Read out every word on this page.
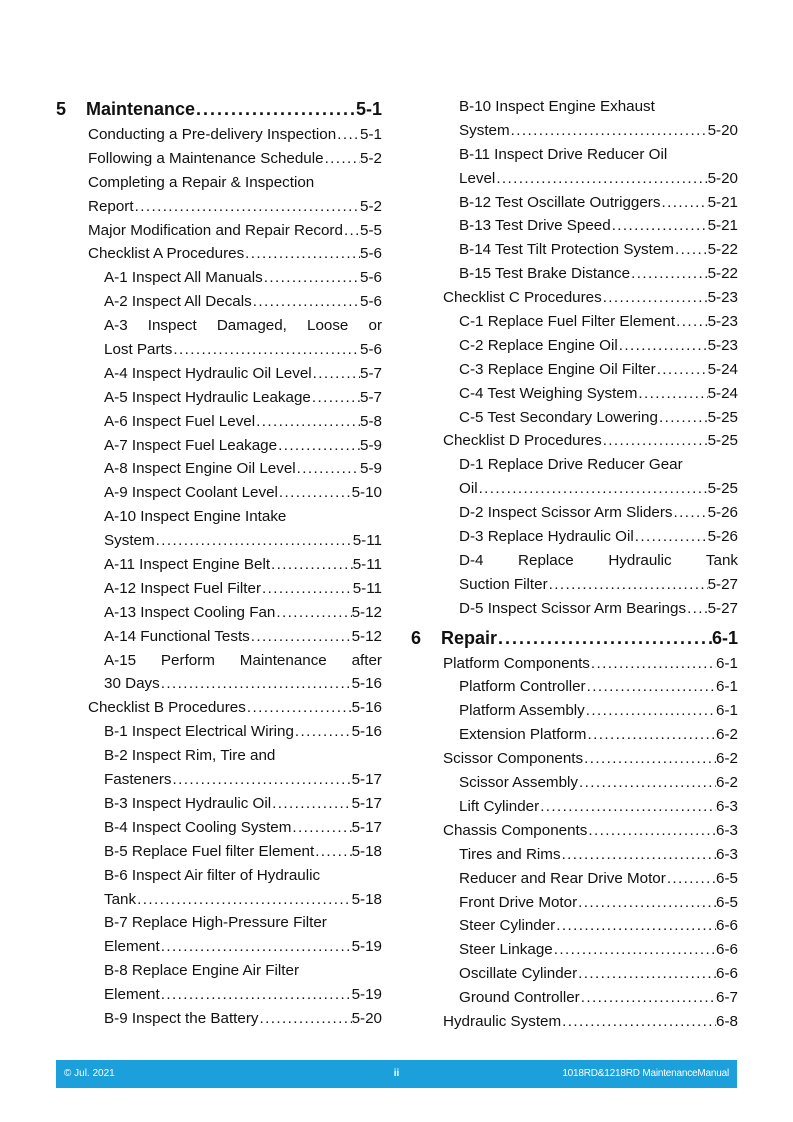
5	Maintenance .....	5-1
Conducting a Pre-delivery Inspection ..... 5-1
Following a Maintenance Schedule ..... 5-2
Completing a Repair & Inspection
Report .....	5-2
Major Modification and Repair Record ..... 5-5
Checklist A Procedures .....	5-6
A-1 Inspect All Manuals .....	5-6
A-2 Inspect All Decals .....	5-6
A-3 Inspect Damaged, Loose or
Lost Parts .....	5-6
A-4 Inspect Hydraulic Oil Level .....	5-7
A-5 Inspect Hydraulic Leakage .....	5-7
A-6 Inspect Fuel Level .....	5-8
A-7 Inspect Fuel Leakage .....	5-9
A-8 Inspect Engine Oil Level .....	5-9
A-9 Inspect Coolant Level .....	5-10
A-10 Inspect Engine Intake
System .....	5-11
A-11 Inspect Engine Belt .....	5-11
A-12 Inspect Fuel Filter .....	5-11
A-13 Inspect Cooling Fan .....	5-12
A-14 Functional Tests .....	5-12
A-15 Perform Maintenance after
30 Days .....	5-16
Checklist B Procedures .....	5-16
B-1 Inspect Electrical Wiring .....	5-16
B-2 Inspect Rim, Tire and
Fasteners .....	5-17
B-3 Inspect Hydraulic Oil .....	5-17
B-4 Inspect Cooling System .....	5-17
B-5 Replace Fuel filter Element ..... 5-18
B-6 Inspect Air filter of Hydraulic
Tank .....	5-18
B-7 Replace High-Pressure Filter
Element .....	5-19
B-8 Replace Engine Air Filter
Element .....	5-19
B-9 Inspect the Battery .....	5-20
B-10 Inspect Engine Exhaust
System .....	5-20
B-11 Inspect Drive Reducer Oil
Level .....	5-20
B-12 Test Oscillate Outriggers .....	5-21
B-13 Test Drive Speed .....	5-21
B-14 Test Tilt Protection System ..... 5-22
B-15 Test Brake Distance .....	5-22
Checklist C Procedures .....	5-23
C-1 Replace Fuel Filter Element ..... 5-23
C-2 Replace Engine Oil .....	5-23
C-3 Replace Engine Oil Filter .....	5-24
C-4 Test Weighing System .....	5-24
C-5 Test Secondary Lowering .....	5-25
Checklist D Procedures .....	5-25
D-1 Replace Drive Reducer Gear
Oil .....	5-25
D-2 Inspect Scissor Arm Sliders ..... 5-26
D-3 Replace Hydraulic Oil .....	5-26
D-4 Replace Hydraulic Tank
Suction Filter .....	5-27
D-5 Inspect Scissor Arm Bearings ..... 5-27
6	Repair .....	6-1
Platform Components .....	6-1
Platform Controller .....	6-1
Platform Assembly .....	6-1
Extension Platform .....	6-2
Scissor Components .....	6-2
Scissor Assembly .....	6-2
Lift Cylinder .....	6-3
Chassis Components .....	6-3
Tires and Rims .....	6-3
Reducer and Rear Drive Motor .....	6-5
Front Drive Motor .....	6-5
Steer Cylinder .....	6-6
Steer Linkage .....	6-6
Oscillate Cylinder .....	6-6
Ground Controller .....	6-7
Hydraulic System .....	6-8
© Jul. 2021	ii	1018RD&1218RD MaintenanceManual
